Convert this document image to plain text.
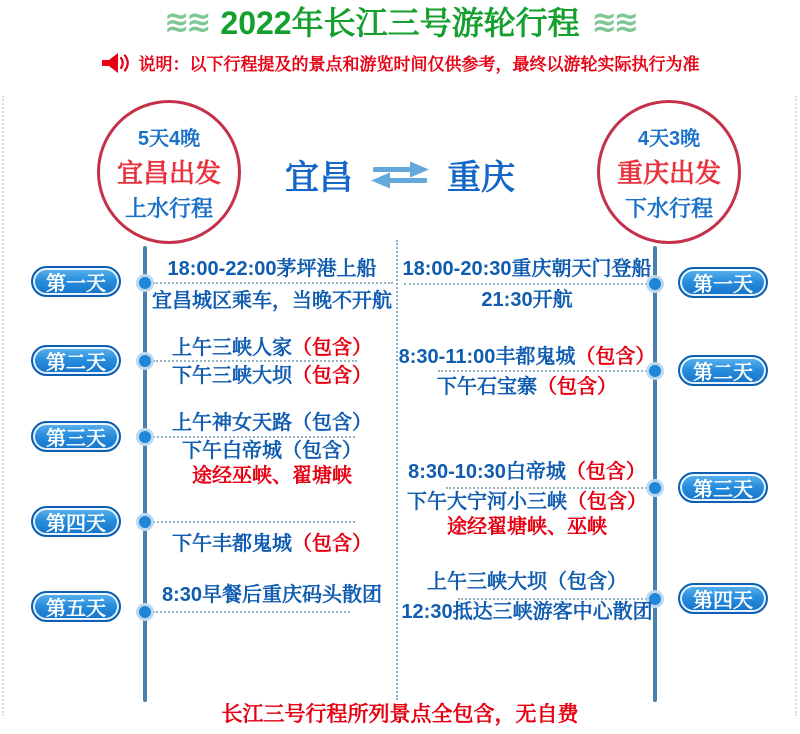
≋≋ 2022年长江三号游轮行程 ≋≋
说明：以下行程提及的景点和游览时间仅供参考，最终以游轮实际执行为准
5天4晚
宜昌出发
上水行程
4天3晚
重庆出发
下水行程
宜昌	重庆
第一天
18:00-22:00茅坪港上船
宜昌城区乘车，当晚不开航
第二天
上午三峡人家 （包含）
下午三峡大坝 （包含）
第三天
上午神女天路（包含）
下午白帝城（包含）
途经巫峡、翟塘峡
第四天
下午丰都鬼城 （包含）
第五天
8:30早餐后重庆码头散团
第一天
18:00-20:30重庆朝天门登船
21:30开航
第二天
8:30-11:00丰都鬼城 （包含）
下午石宝寨 （包含）
第三天
8:30-10:30白帝城 （包含）
下午大宁河小三峡 （包含）
途经翟塘峡、巫峡
第四天
上午三峡大坝（包含）
12:30抵达三峡游客中心散团
长江三号行程所列景点全包含，无自费
